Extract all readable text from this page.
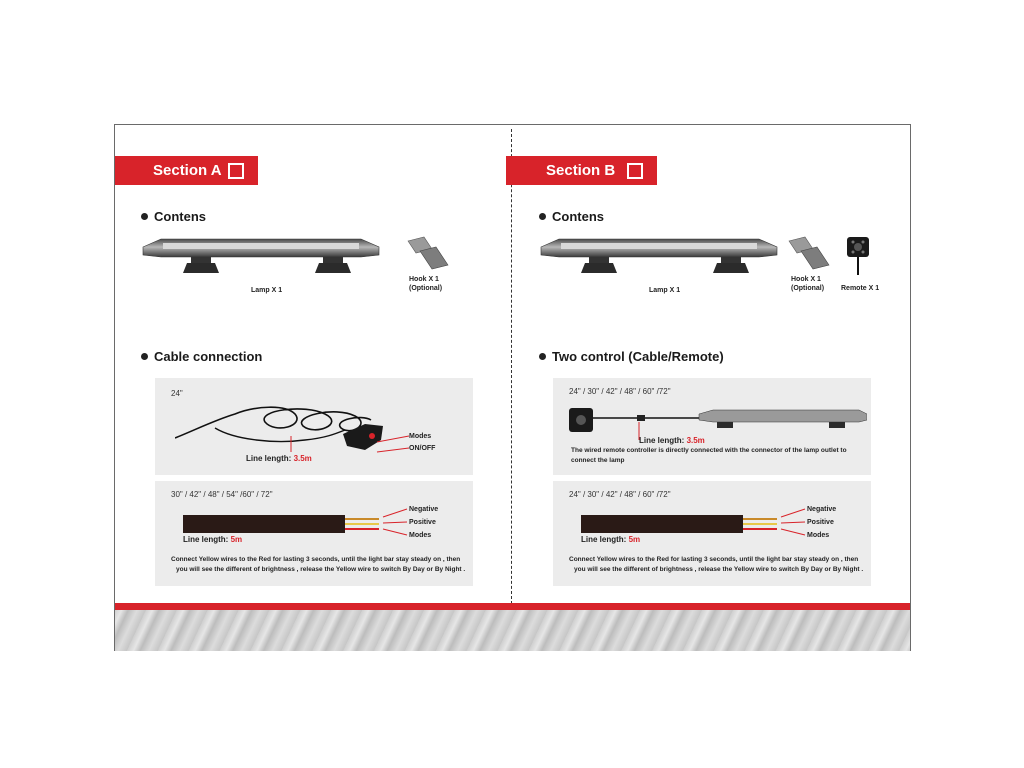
Section A
Contens
Lamp X 1
Hook X 1
(Optional)
Cable connection
24"
Line length: 3.5m
Modes
ON/OFF
30" / 42" / 48" / 54" /60" / 72"
Negative
Positive
Modes
Line length: 5m
Connect Yellow wires to the Red for lasting 3 seconds, until the light bar stay steady on , then
you will see the different of brightness , release the Yellow wire to switch By Day or By Night .
Section B
Contens
Lamp X 1
Hook X 1
(Optional) Remote X 1
Two control (Cable/Remote)
24" / 30" / 42" / 48" / 60" /72"
Line length: 3.5m
The wired remote controller is directly connected with the connector of the lamp outlet to
connect the lamp
24" / 30" / 42" / 48" / 60" /72"
Negative
Positive
Modes
Line length: 5m
Connect Yellow wires to the Red for lasting 3 seconds, until the light bar stay steady on , then
you will see the different of brightness , release the Yellow wire to switch By Day or By Night .
